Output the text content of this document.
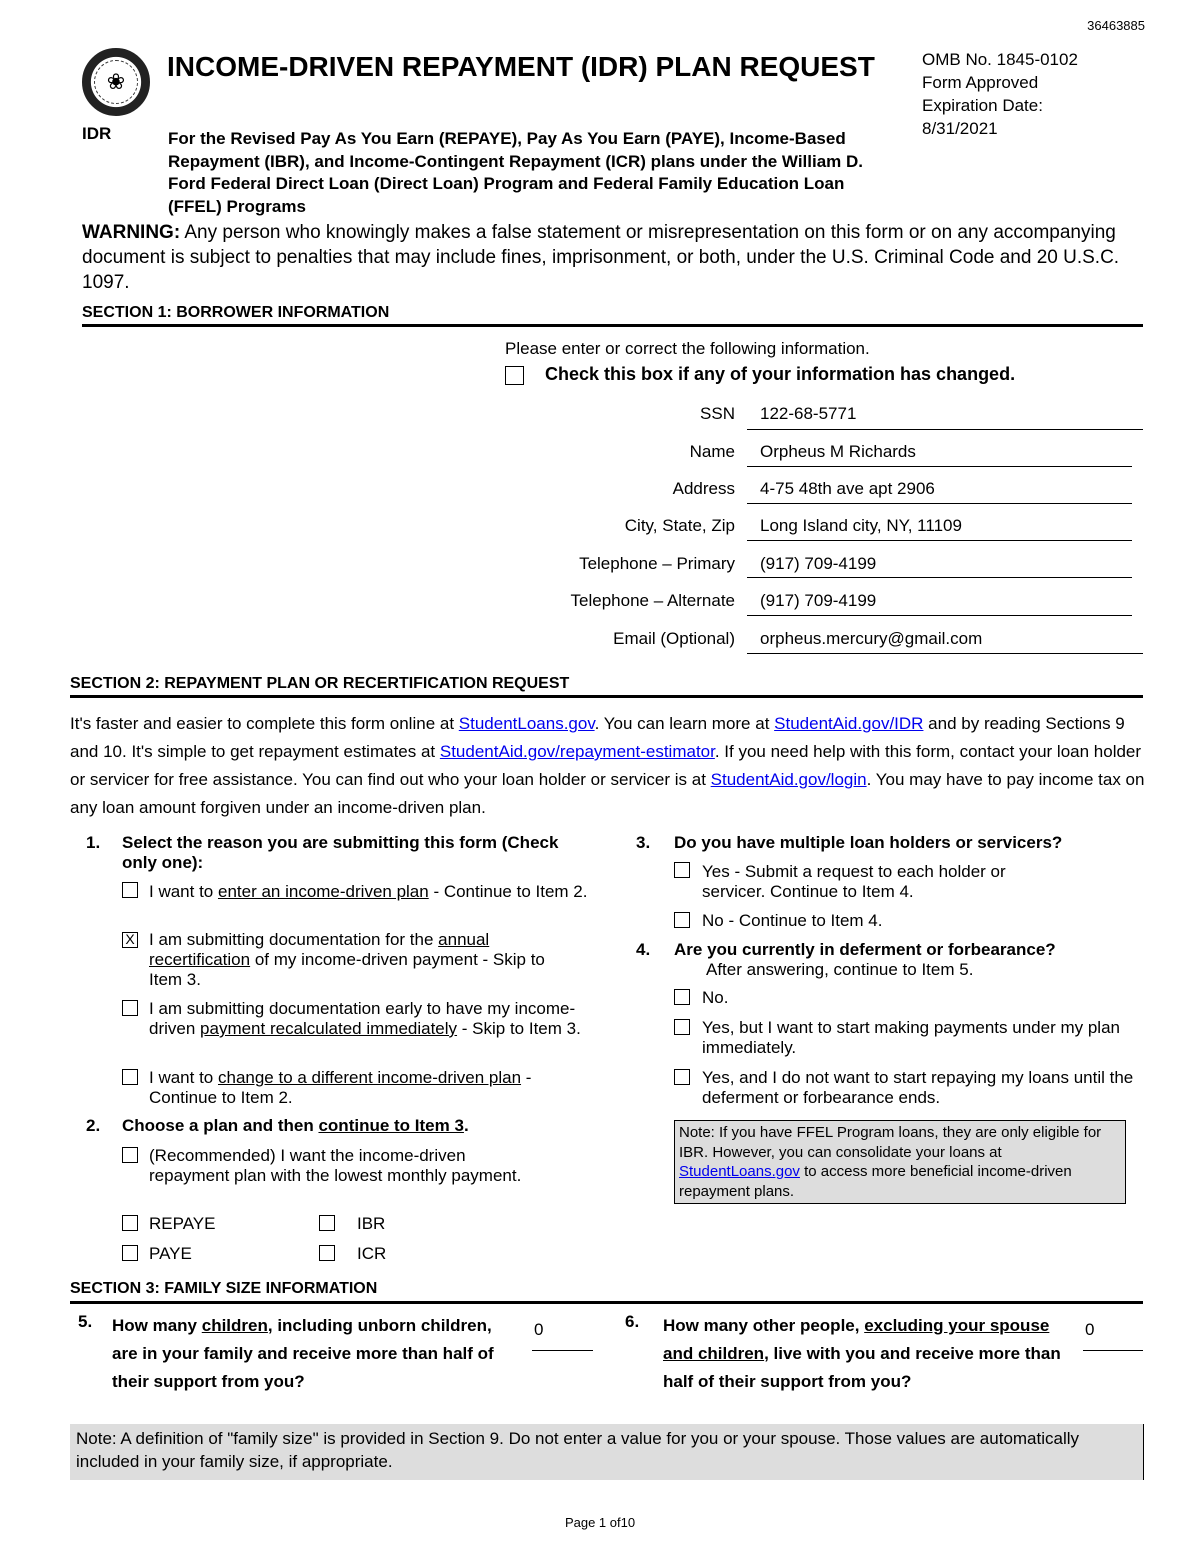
36463885
❀
IDR
INCOME-DRIVEN REPAYMENT (IDR) PLAN REQUEST
For the Revised Pay As You Earn (REPAYE), Pay As You Earn (PAYE), Income-Based Repayment (IBR), and Income-Contingent Repayment (ICR) plans under the William D. Ford Federal Direct Loan (Direct Loan) Program and Federal Family Education Loan (FFEL) Programs
OMB No. 1845-0102
Form Approved
Expiration Date:
8/31/2021
WARNING: Any person who knowingly makes a false statement or misrepresentation on this form or on any accompanying document is subject to penalties that may include fines, imprisonment, or both, under the U.S. Criminal Code and 20 U.S.C. 1097.
SECTION 1: BORROWER INFORMATION
Please enter or correct the following information.
Check this box if any of your information has changed.
SSN 122-68-5771
Name Orpheus M Richards
Address 4-75 48th ave apt 2906
City, State, Zip Long Island city, NY, 11109
Telephone – Primary (917) 709-4199
Telephone – Alternate (917) 709-4199
Email (Optional) orpheus.mercury@gmail.com
SECTION 2: REPAYMENT PLAN OR RECERTIFICATION REQUEST
It's faster and easier to complete this form online at StudentLoans.gov. You can learn more at StudentAid.gov/IDR and by reading Sections 9 and 10. It's simple to get repayment estimates at StudentAid.gov/repayment-estimator. If you need help with this form, contact your loan holder or servicer for free assistance. You can find out who your loan holder or servicer is at StudentAid.gov/login. You may have to pay income tax on any loan amount forgiven under an income-driven plan.
1. Select the reason you are submitting this form (Check only one):
I want to enter an income-driven plan - Continue to Item 2.
X I am submitting documentation for the annual recertification of my income-driven payment - Skip to Item 3.
I am submitting documentation early to have my income-driven payment recalculated immediately - Skip to Item 3.
I want to change to a different income-driven plan - Continue to Item 2.
2. Choose a plan and then continue to Item 3.
(Recommended) I want the income-driven repayment plan with the lowest monthly payment.
REPAYE	IBR
PAYE	ICR
3. Do you have multiple loan holders or servicers?
Yes - Submit a request to each holder or servicer. Continue to Item 4.
No - Continue to Item 4.
4. Are you currently in deferment or forbearance?
After answering, continue to Item 5.
No.
Yes, but I want to start making payments under my plan immediately.
Yes, and I do not want to start repaying my loans until the deferment or forbearance ends.
Note: If you have FFEL Program loans, they are only eligible for IBR. However, you can consolidate your loans at StudentLoans.gov to access more beneficial income-driven repayment plans.
SECTION 3: FAMILY SIZE INFORMATION
5. How many children, including unborn children, are in your family and receive more than half of their support from you?
0	6. How many other people, excluding your spouse and children, live with you and receive more than half of their support from you?
0
Note: A definition of "family size" is provided in Section 9. Do not enter a value for you or your spouse. Those values are automatically included in your family size, if appropriate.
Page 1 of10
